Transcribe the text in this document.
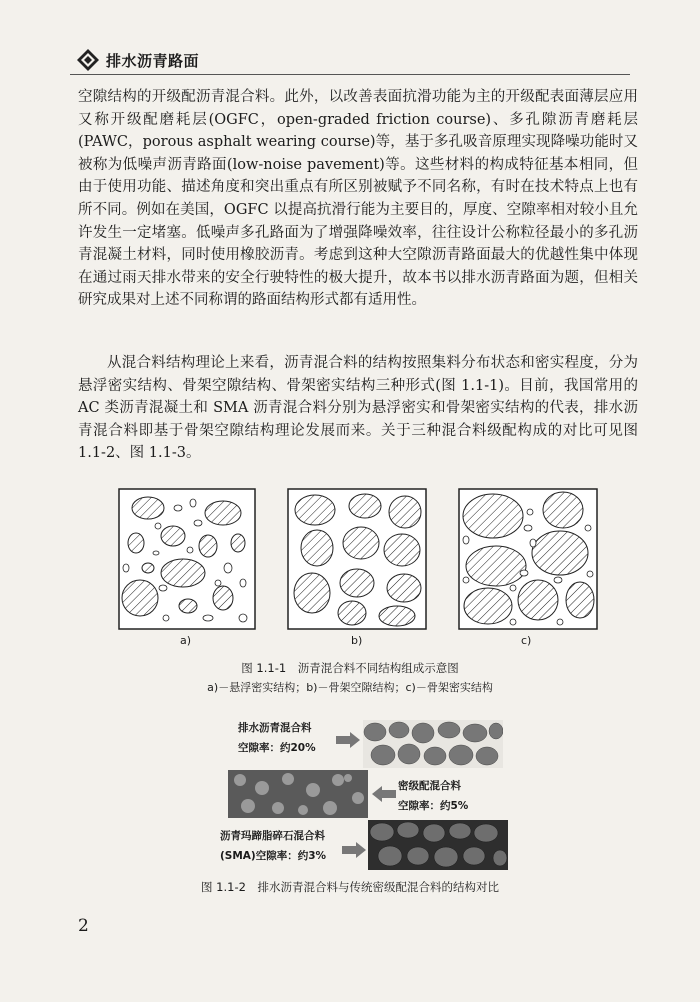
排水沥青路面

空隙结构的开级配沥青混合料。此外，以改善表面抗滑功能为主的开级配表面薄层应用又称开级配磨耗层(OGFC，open-graded friction course)、多孔隙沥青磨耗层(PAWC，porous asphalt wearing course)等，基于多孔吸音原理实现降噪功能时又被称为低噪声沥青路面(low-noise pavement)等。这些材料的构成特征基本相同，但由于使用功能、描述角度和突出重点有所区别被赋予不同名称，有时在技术特点上也有所不同。例如在美国，OGFC 以提高抗滑行能为主要目的，厚度、空隙率相对较小且允许发生一定堵塞。低噪声多孔路面为了增强降噪效率，往往设计公称粒径最小的多孔沥青混凝土材料，同时使用橡胶沥青。考虑到这种大空隙沥青路面最大的优越性集中体现在通过雨天排水带来的安全行驶特性的极大提升，故本书以排水沥青路面为题，但相关研究成果对上述不同称谓的路面结构形式都有适用性。

从混合料结构理论上来看，沥青混合料的结构按照集料分布状态和密实程度，分为悬浮密实结构、骨架空隙结构、骨架密实结构三种形式(图 1.1-1)。目前，我国常用的 AC 类沥青混凝土和 SMA 沥青混合料分别为悬浮密实和骨架密实结构的代表，排水沥青混合料即基于骨架空隙结构理论发展而来。关于三种混合料级配构成的对比可见图 1.1-2、图 1.1-3。

a)	b)	c)
图 1.1-1　沥青混合料不同结构组成示意图
a)－悬浮密实结构；b)－骨架空隙结构；c)－骨架密实结构
排水沥青混合料
空隙率：约20%
密级配混合料
空隙率：约5%
沥青玛蹄脂碎石混合料
(SMA)空隙率：约3%
图 1.1-2　排水沥青混合料与传统密级配混合料的结构对比
2
